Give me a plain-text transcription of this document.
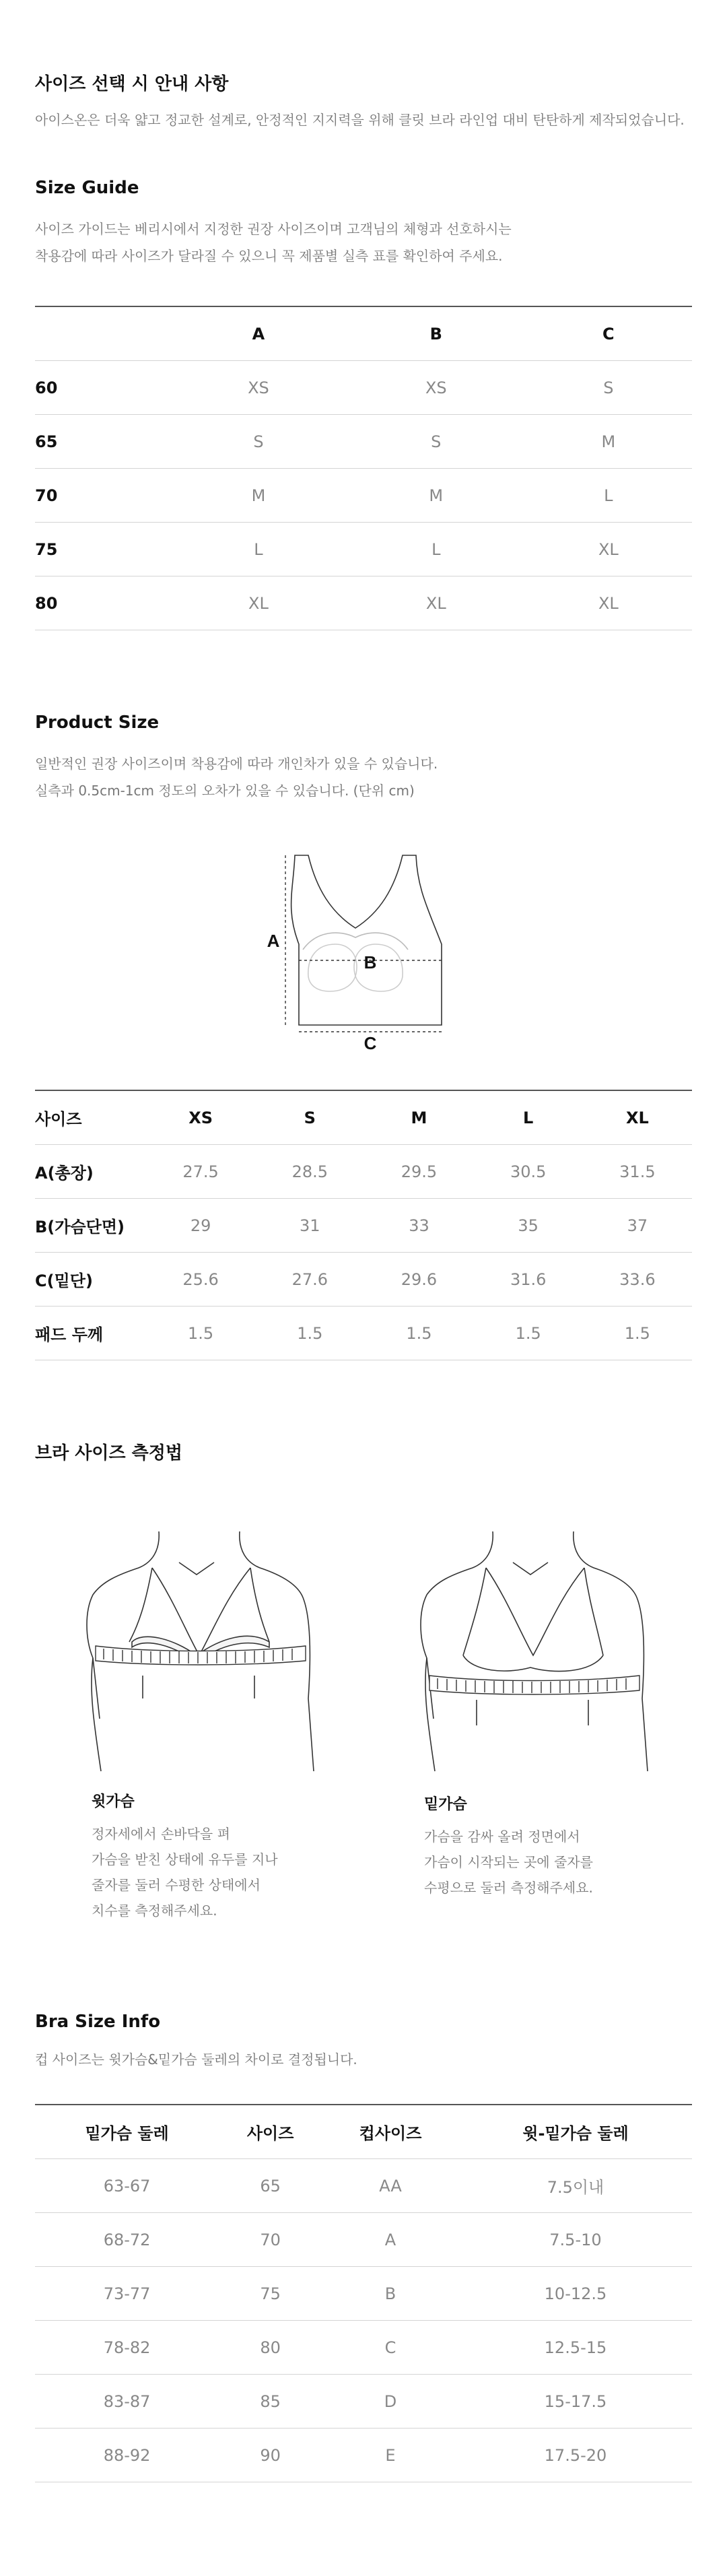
사이즈 선택 시 안내 사항

아이스온은 더욱 얇고 정교한 설계로, 안정적인 지지력을 위해 클릿 브라 라인업 대비 탄탄하게 제작되었습니다.

Size Guide

사이즈 가이드는 베리시에서 지정한 권장 사이즈이며 고객님의 체형과 선호하시는

착용감에 따라 사이즈가 달라질 수 있으니 꼭 제품별 실측 표를 확인하여 주세요.

	A	B	C
60	XS	XS	S
65	S	S	M
70	M	M	L
75	L	L	XL
80	XL	XL	XL
Product Size

일반적인 권장 사이즈이며 착용감에 따라 개인차가 있을 수 있습니다.

실측과 0.5cm-1cm 정도의 오차가 있을 수 있습니다. (단위 cm)

A
B
C
사이즈	XS	S	M	L	XL
A(총장)	27.5	28.5	29.5	30.5	31.5
B(가슴단면)	29	31	33	35	37
C(밑단)	25.6	27.6	29.6	31.6	33.6
패드 두께	1.5	1.5	1.5	1.5	1.5
브라 사이즈 측정법
윗가슴

정자세에서 손바닥을 펴

가슴을 받친 상태에 유두를 지나

줄자를 둘러 수평한 상태에서

치수를 측정해주세요.

밑가슴

가슴을 감싸 올려 정면에서

가슴이 시작되는 곳에 줄자를

수평으로 둘러 측정해주세요.

Bra Size Info

컵 사이즈는 윗가슴&밑가슴 둘레의 차이로 결정됩니다.

밑가슴 둘레	사이즈	컵사이즈	윗-밑가슴 둘레
63-67	65	AA	7.5이내
68-72	70	A	7.5-10
73-77	75	B	10-12.5
78-82	80	C	12.5-15
83-87	85	D	15-17.5
88-92	90	E	17.5-20
